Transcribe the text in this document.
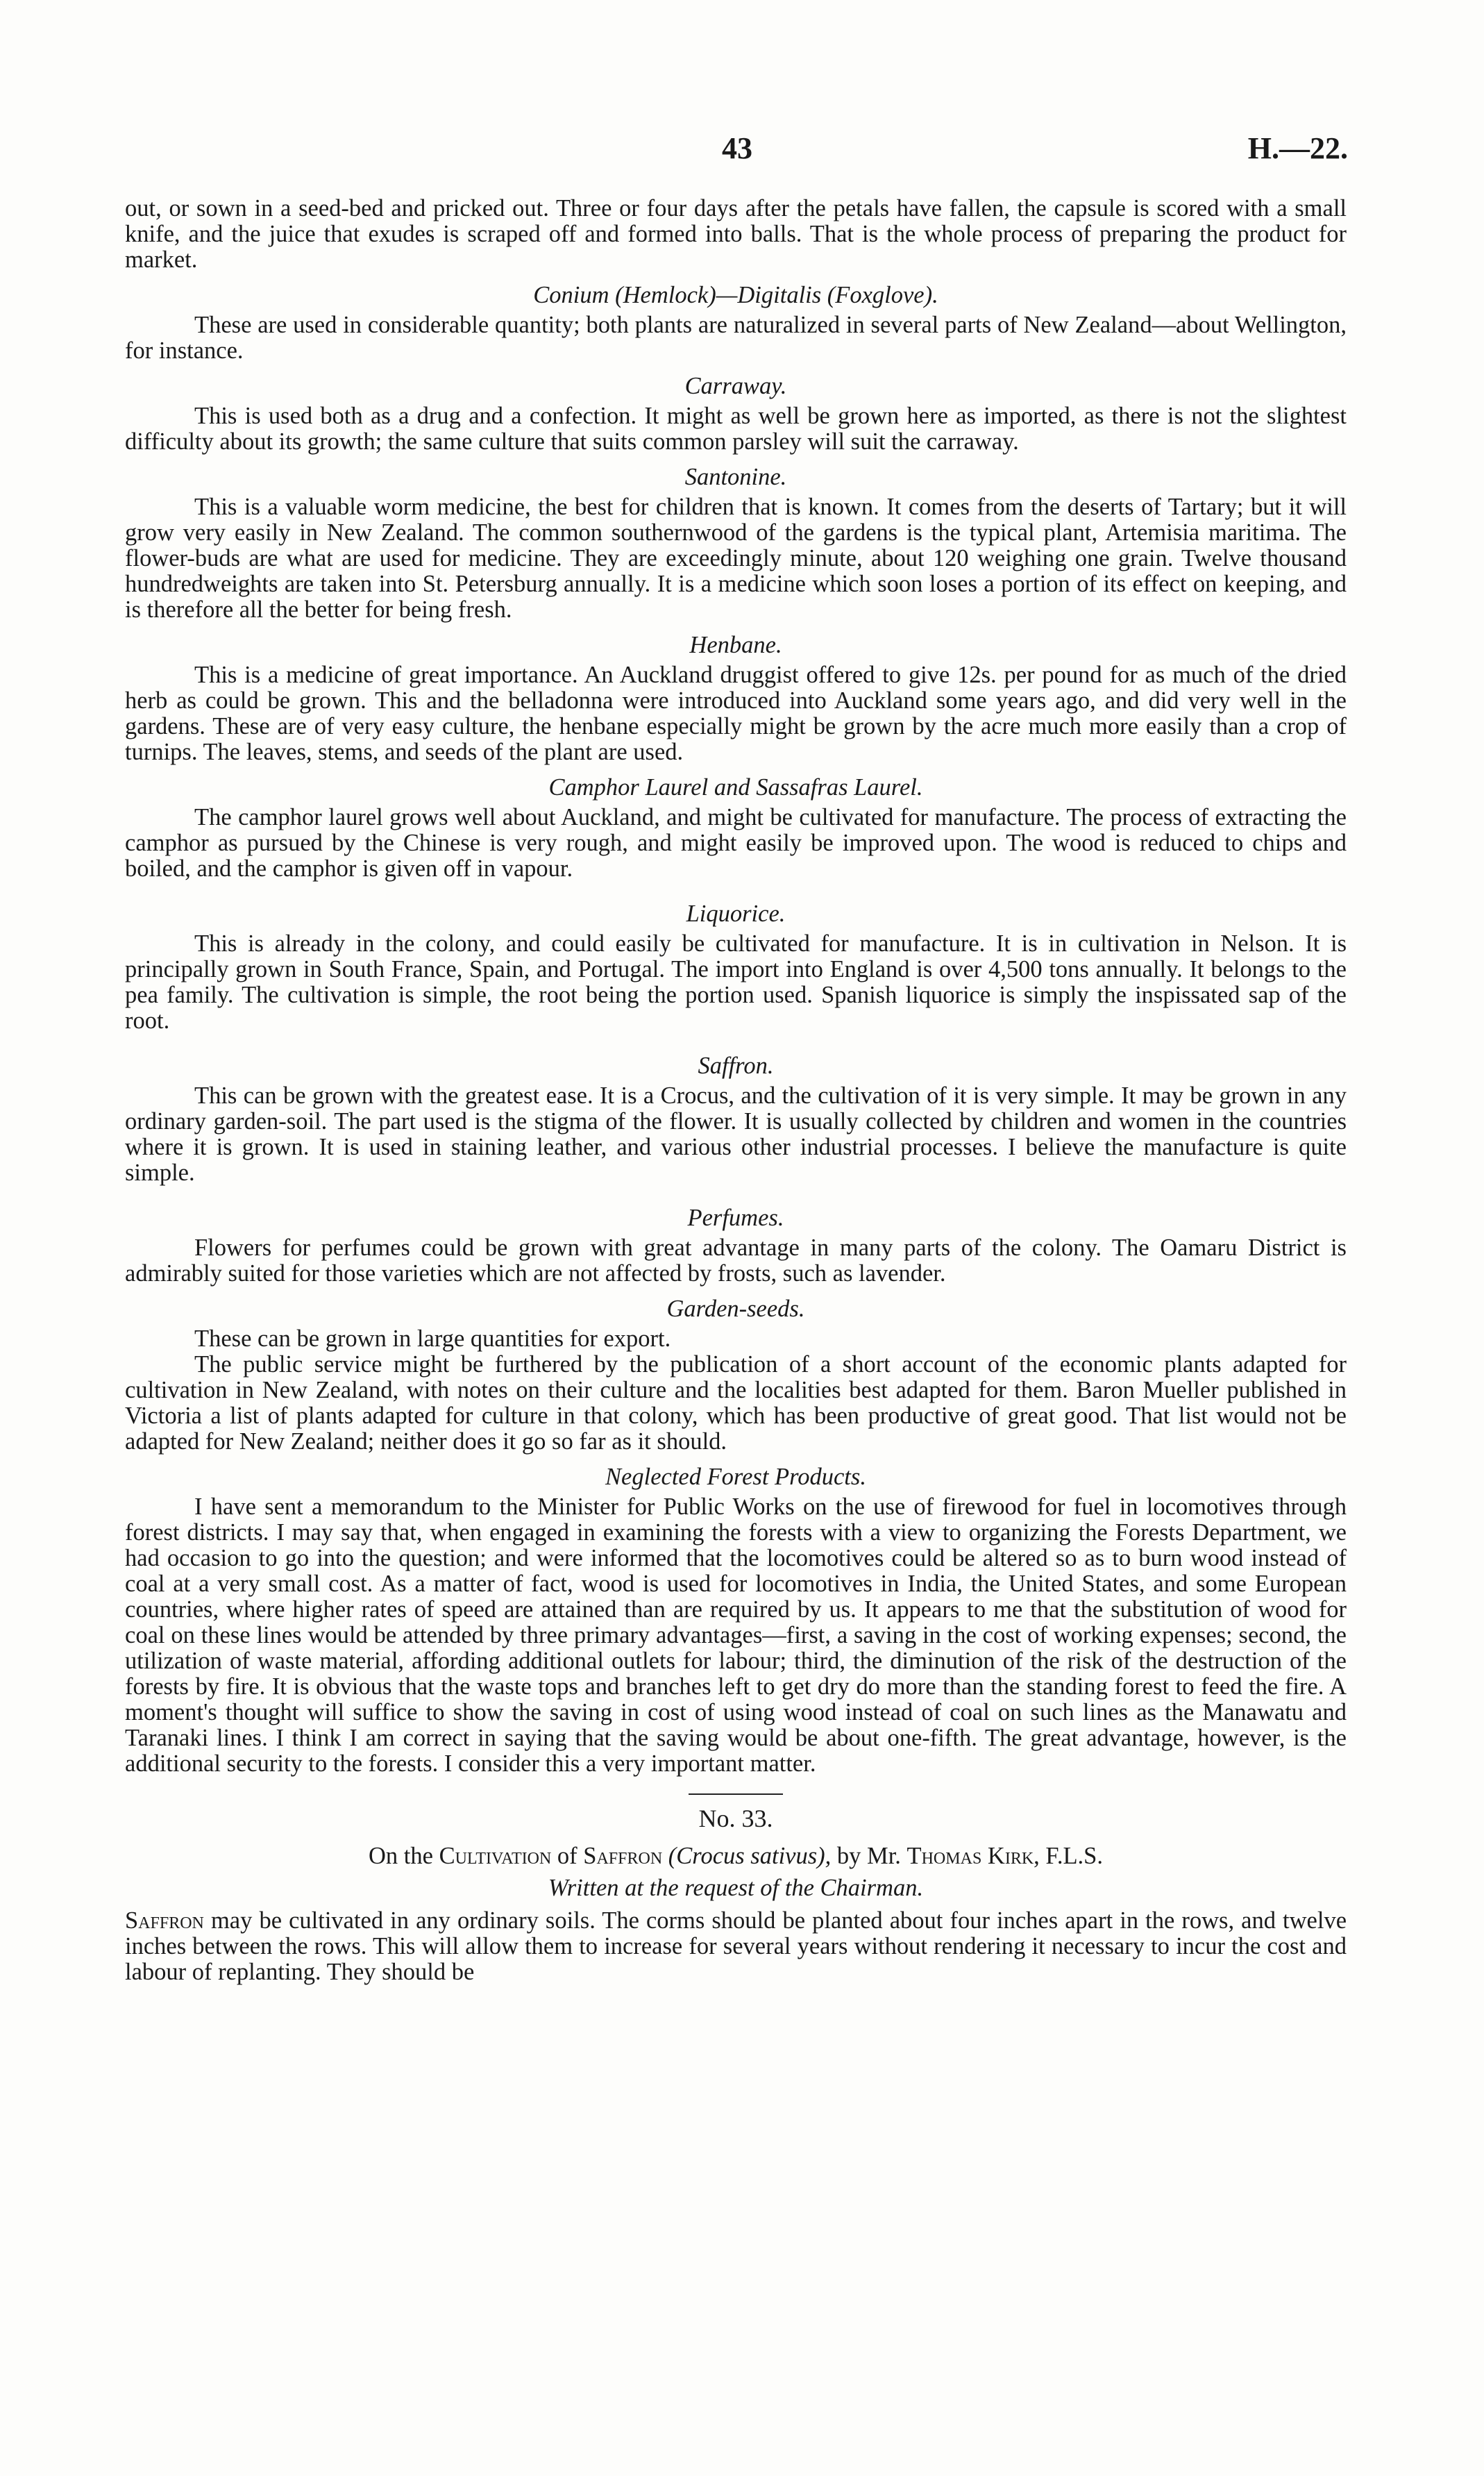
43	H.—22.

out, or sown in a seed-bed and pricked out. Three or four days after the petals have fallen, the capsule is scored with a small knife, and the juice that exudes is scraped off and formed into balls. That is the whole process of preparing the product for market.

Conium (Hemlock)—Digitalis (Foxglove).

These are used in considerable quantity; both plants are naturalized in several parts of New Zealand—about Wellington, for instance.

Carraway.

This is used both as a drug and a confection. It might as well be grown here as imported, as there is not the slightest difficulty about its growth; the same culture that suits common parsley will suit the carraway.

Santonine.

This is a valuable worm medicine, the best for children that is known. It comes from the deserts of Tartary; but it will grow very easily in New Zealand. The common southernwood of the gardens is the typical plant, Artemisia maritima. The flower-buds are what are used for medicine. They are exceedingly minute, about 120 weighing one grain. Twelve thousand hundredweights are taken into St. Petersburg annually. It is a medicine which soon loses a portion of its effect on keeping, and is therefore all the better for being fresh.

Henbane.

This is a medicine of great importance. An Auckland druggist offered to give 12s. per pound for as much of the dried herb as could be grown. This and the belladonna were introduced into Auckland some years ago, and did very well in the gardens. These are of very easy culture, the henbane especially might be grown by the acre much more easily than a crop of turnips. The leaves, stems, and seeds of the plant are used.

Camphor Laurel and Sassafras Laurel.

The camphor laurel grows well about Auckland, and might be cultivated for manufacture. The process of extracting the camphor as pursued by the Chinese is very rough, and might easily be improved upon. The wood is reduced to chips and boiled, and the camphor is given off in vapour.

Liquorice.

This is already in the colony, and could easily be cultivated for manufacture. It is in cultivation in Nelson. It is principally grown in South France, Spain, and Portugal. The import into England is over 4,500 tons annually. It belongs to the pea family. The cultivation is simple, the root being the portion used. Spanish liquorice is simply the inspissated sap of the root.

Saffron.

This can be grown with the greatest ease. It is a Crocus, and the cultivation of it is very simple. It may be grown in any ordinary garden-soil. The part used is the stigma of the flower. It is usually collected by children and women in the countries where it is grown. It is used in staining leather, and various other industrial processes. I believe the manufacture is quite simple.

Perfumes.

Flowers for perfumes could be grown with great advantage in many parts of the colony. The Oamaru District is admirably suited for those varieties which are not affected by frosts, such as lavender.

Garden-seeds.

These can be grown in large quantities for export.

The public service might be furthered by the publication of a short account of the economic plants adapted for cultivation in New Zealand, with notes on their culture and the localities best adapted for them. Baron Mueller published in Victoria a list of plants adapted for culture in that colony, which has been productive of great good. That list would not be adapted for New Zealand; neither does it go so far as it should.

Neglected Forest Products.

I have sent a memorandum to the Minister for Public Works on the use of firewood for fuel in locomotives through forest districts. I may say that, when engaged in examining the forests with a view to organizing the Forests Department, we had occasion to go into the question; and were informed that the locomotives could be altered so as to burn wood instead of coal at a very small cost. As a matter of fact, wood is used for locomotives in India, the United States, and some European countries, where higher rates of speed are attained than are required by us. It appears to me that the substitution of wood for coal on these lines would be attended by three primary advantages—first, a saving in the cost of working expenses; second, the utilization of waste material, affording additional outlets for labour; third, the diminution of the risk of the destruction of the forests by fire. It is obvious that the waste tops and branches left to get dry do more than the standing forest to feed the fire. A moment's thought will suffice to show the saving in cost of using wood instead of coal on such lines as the Manawatu and Taranaki lines. I think I am correct in saying that the saving would be about one-fifth. The great advantage, however, is the additional security to the forests. I consider this a very important matter.

No. 33.
On the Cultivation of Saffron (Crocus sativus), by Mr. Thomas Kirk, F.L.S.
Written at the request of the Chairman.

Saffron may be cultivated in any ordinary soils. The corms should be planted about four inches apart in the rows, and twelve inches between the rows. This will allow them to increase for several years without rendering it necessary to incur the cost and labour of replanting. They should be
